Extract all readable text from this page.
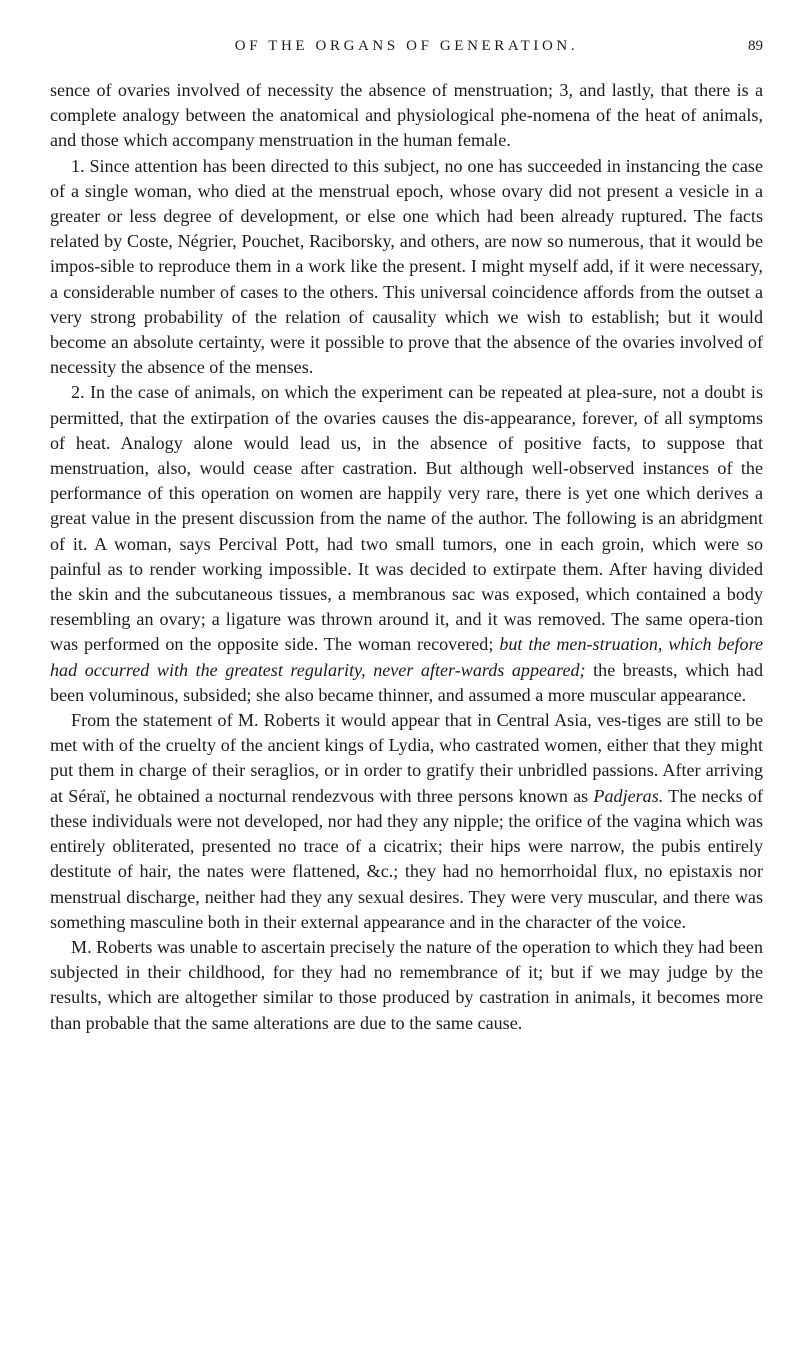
OF THE ORGANS OF GENERATION.	89

sence of ovaries involved of necessity the absence of menstruation; 3, and lastly, that there is a complete analogy between the anatomical and physiological phe-nomena of the heat of animals, and those which accompany menstruation in the human female.

1. Since attention has been directed to this subject, no one has succeeded in instancing the case of a single woman, who died at the menstrual epoch, whose ovary did not present a vesicle in a greater or less degree of development, or else one which had been already ruptured. The facts related by Coste, Négrier, Pouchet, Raciborsky, and others, are now so numerous, that it would be impos-sible to reproduce them in a work like the present. I might myself add, if it were necessary, a considerable number of cases to the others. This universal coincidence affords from the outset a very strong probability of the relation of causality which we wish to establish; but it would become an absolute certainty, were it possible to prove that the absence of the ovaries involved of necessity the absence of the menses.

2. In the case of animals, on which the experiment can be repeated at plea-sure, not a doubt is permitted, that the extirpation of the ovaries causes the dis-appearance, forever, of all symptoms of heat. Analogy alone would lead us, in the absence of positive facts, to suppose that menstruation, also, would cease after castration. But although well-observed instances of the performance of this operation on women are happily very rare, there is yet one which derives a great value in the present discussion from the name of the author. The following is an abridgment of it. A woman, says Percival Pott, had two small tumors, one in each groin, which were so painful as to render working impossible. It was decided to extirpate them. After having divided the skin and the subcutaneous tissues, a membranous sac was exposed, which contained a body resembling an ovary; a ligature was thrown around it, and it was removed. The same opera-tion was performed on the opposite side. The woman recovered; but the men-struation, which before had occurred with the greatest regularity, never after-wards appeared; the breasts, which had been voluminous, subsided; she also became thinner, and assumed a more muscular appearance.

From the statement of M. Roberts it would appear that in Central Asia, ves-tiges are still to be met with of the cruelty of the ancient kings of Lydia, who castrated women, either that they might put them in charge of their seraglios, or in order to gratify their unbridled passions. After arriving at Séraï, he obtained a nocturnal rendezvous with three persons known as Padjeras. The necks of these individuals were not developed, nor had they any nipple; the orifice of the vagina which was entirely obliterated, presented no trace of a cicatrix; their hips were narrow, the pubis entirely destitute of hair, the nates were flattened, &c.; they had no hemorrhoidal flux, no epistaxis nor menstrual discharge, neither had they any sexual desires. They were very muscular, and there was something masculine both in their external appearance and in the character of the voice.

M. Roberts was unable to ascertain precisely the nature of the operation to which they had been subjected in their childhood, for they had no remembrance of it; but if we may judge by the results, which are altogether similar to those produced by castration in animals, it becomes more than probable that the same alterations are due to the same cause.
